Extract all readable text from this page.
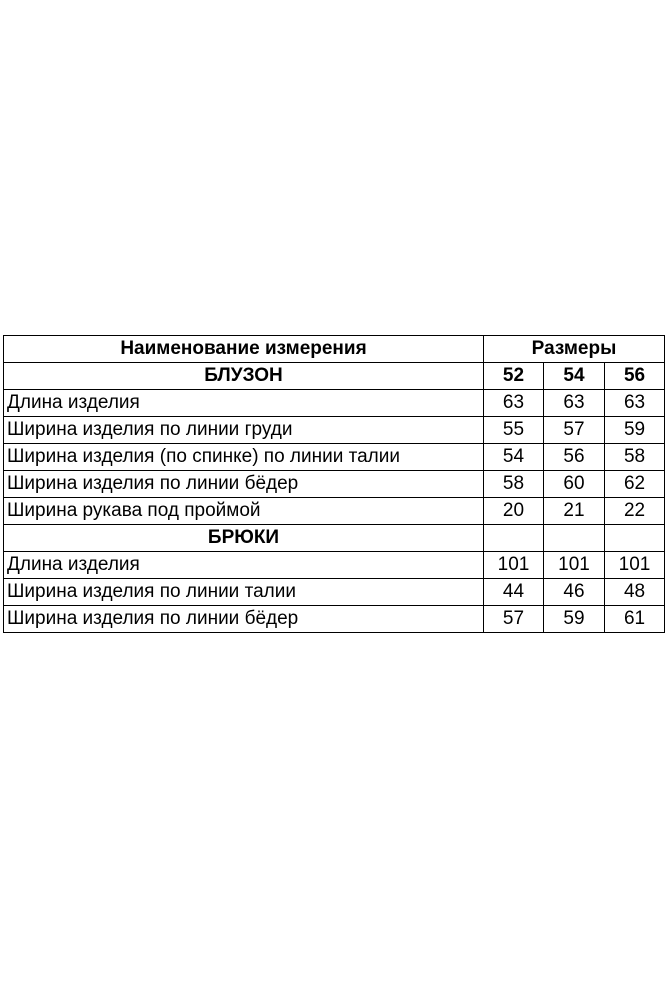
Наименование измерения	Размеры		
БЛУЗОН	52	54	56
Длина изделия	63	63	63
Ширина изделия по линии груди	55	57	59
Ширина изделия (по спинке) по линии талии	54	56	58
Ширина изделия по линии бёдер	58	60	62
Ширина рукава под проймой	20	21	22
БРЮКИ			
Длина изделия	101	101	101
Ширина изделия по линии талии	44	46	48
Ширина изделия по линии бёдер	57	59	61
